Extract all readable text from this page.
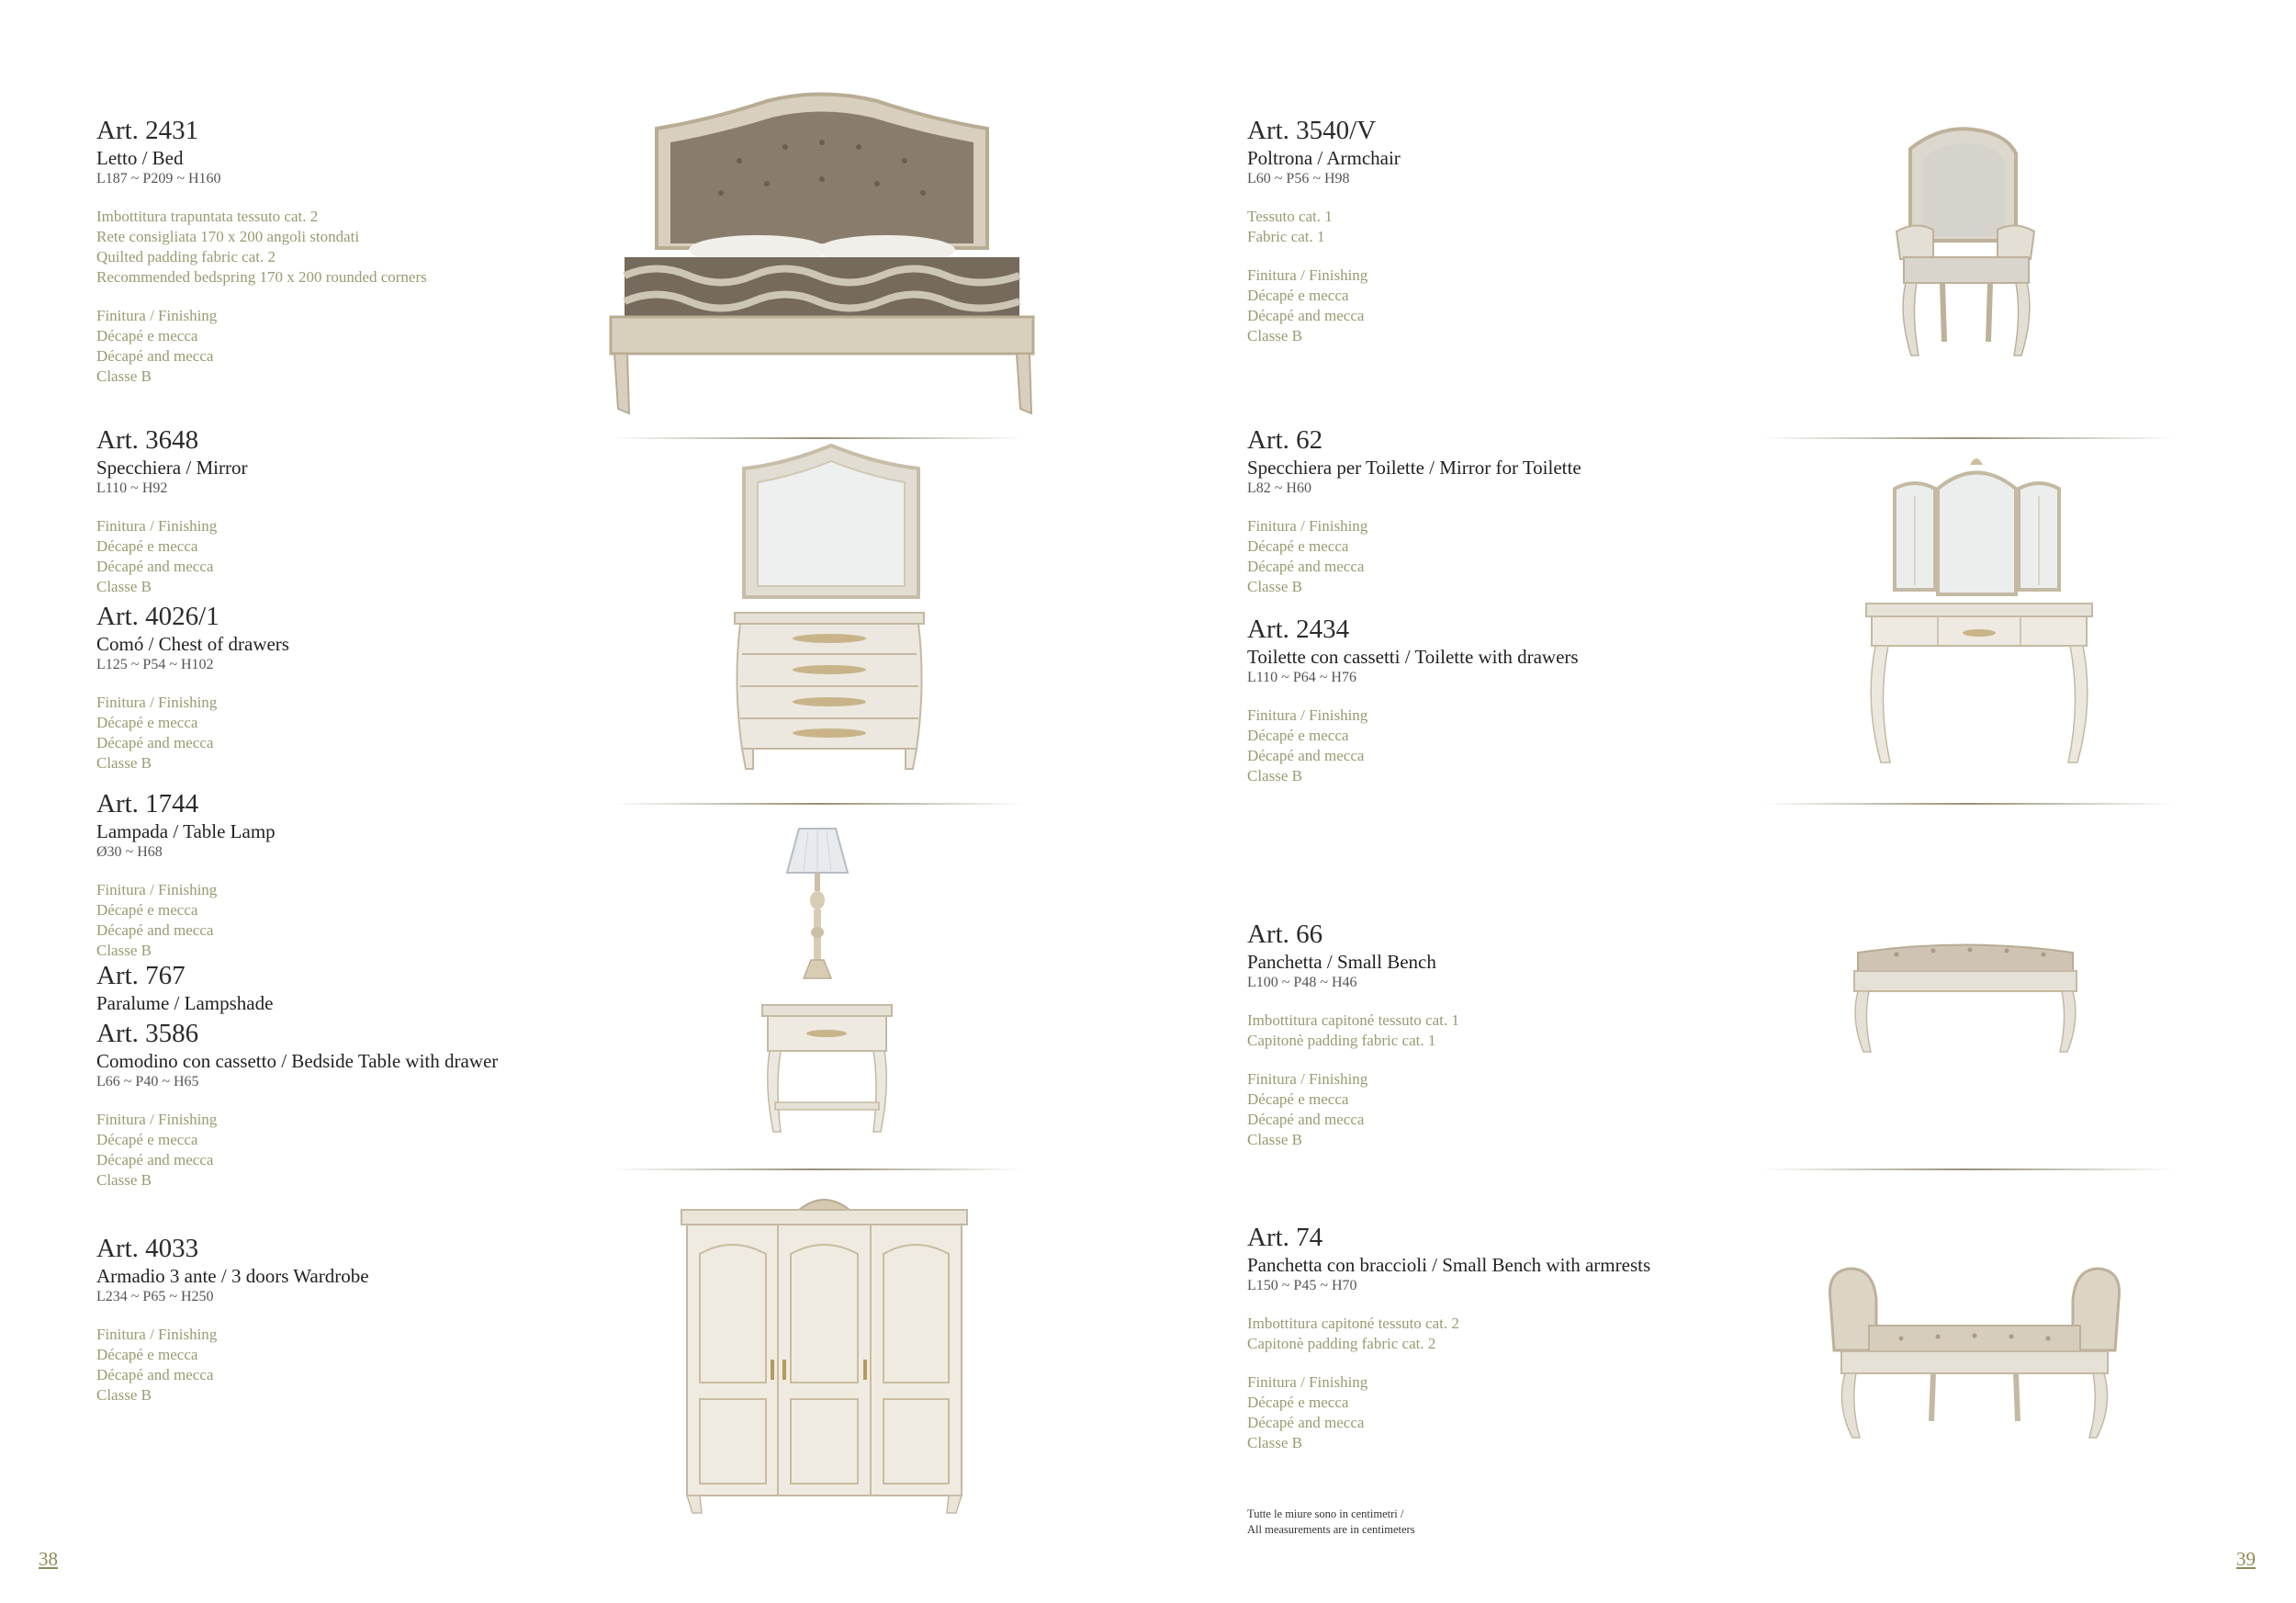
Art. 2431
Letto / Bed
L187 ~ P209 ~ H160
Imbottitura trapuntata tessuto cat. 2
Rete consigliata 170 x 200 angoli stondati
Quilted padding fabric cat. 2
Recommended bedspring 170 x 200 rounded corners
Finitura / Finishing
Décapé e mecca
Décapé and mecca
Classe B
Art. 3648
Specchiera / Mirror
L110 ~ H92
Finitura / Finishing
Décapé e mecca
Décapé and mecca
Classe B
Art. 4026/1
Comó / Chest of drawers
L125 ~ P54 ~ H102
Finitura / Finishing
Décapé e mecca
Décapé and mecca
Classe B
Art. 1744
Lampada / Table Lamp
Ø30 ~ H68
Finitura / Finishing
Décapé e mecca
Décapé and mecca
Classe B
Art. 767
Paralume / Lampshade
Art. 3586
Comodino con cassetto / Bedside Table with drawer
L66 ~ P40 ~ H65
Finitura / Finishing
Décapé e mecca
Décapé and mecca
Classe B
Art. 4033
Armadio 3 ante / 3 doors Wardrobe
L234 ~ P65 ~ H250
Finitura / Finishing
Décapé e mecca
Décapé and mecca
Classe B
38
Art. 3540/V
Poltrona / Armchair
L60 ~ P56 ~ H98
Tessuto cat. 1
Fabric cat. 1
Finitura / Finishing
Décapé e mecca
Décapé and mecca
Classe B
Art. 62
Specchiera per Toilette / Mirror for Toilette
L82 ~ H60
Finitura / Finishing
Décapé e mecca
Décapé and mecca
Classe B
Art. 2434
Toilette con cassetti / Toilette with drawers
L110 ~ P64 ~ H76
Finitura / Finishing
Décapé e mecca
Décapé and mecca
Classe B
Art. 66
Panchetta / Small Bench
L100 ~ P48 ~ H46
Imbottitura capitoné tessuto cat. 1
Capitonè padding fabric cat. 1
Finitura / Finishing
Décapé e mecca
Décapé and mecca
Classe B
Art. 74
Panchetta con braccioli / Small Bench with armrests
L150 ~ P45 ~ H70
Imbottitura capitoné tessuto cat. 2
Capitonè padding fabric cat. 2
Finitura / Finishing
Décapé e mecca
Décapé and mecca
Classe B
Tutte le miure sono in centimetri /
All measurements are in centimeters
39
